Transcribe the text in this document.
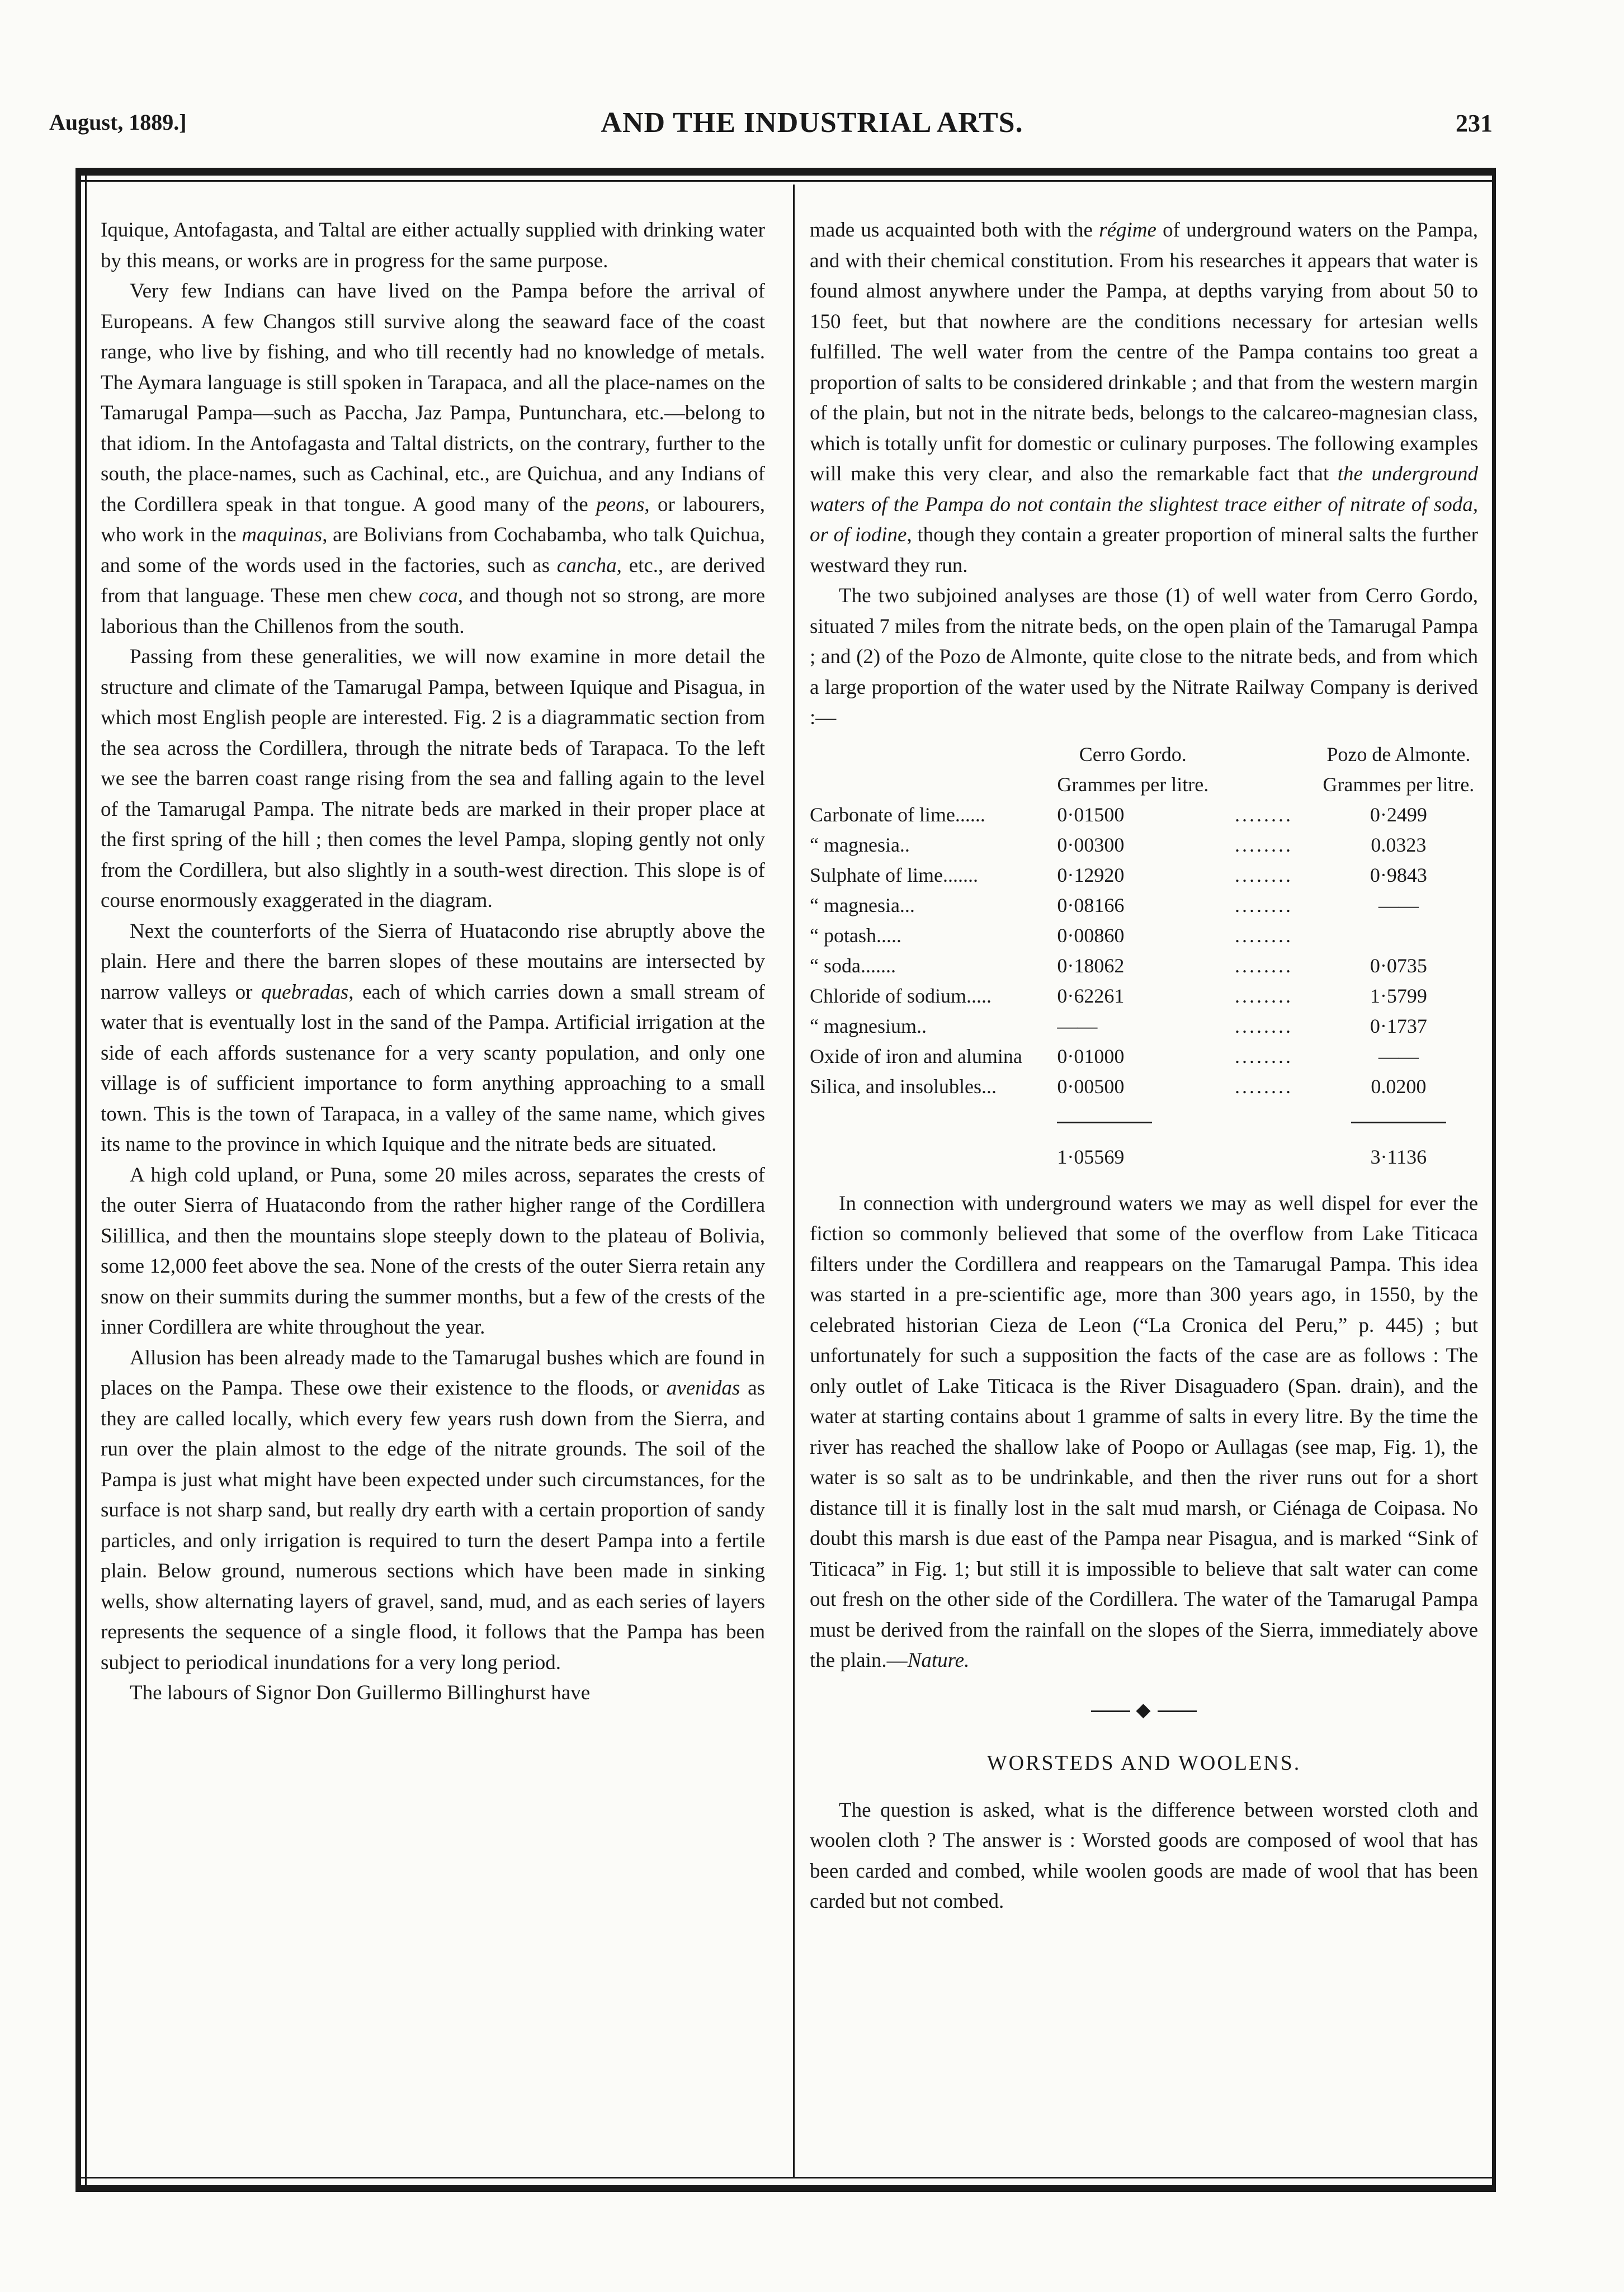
August, 1889.]	AND THE INDUSTRIAL ARTS.	231

Iquique, Antofagasta, and Taltal are either actually supplied with drinking water by this means, or works are in progress for the same purpose.

Very few Indians can have lived on the Pampa before the arrival of Europeans. A few Changos still survive along the seaward face of the coast range, who live by fishing, and who till recently had no knowledge of metals. The Aymara language is still spoken in Tarapaca, and all the place-names on the Tamarugal Pampa—such as Paccha, Jaz Pampa, Puntunchara, etc.—belong to that idiom. In the Antofagasta and Taltal districts, on the contrary, further to the south, the place-names, such as Cachinal, etc., are Quichua, and any Indians of the Cordillera speak in that tongue. A good many of the peons, or labourers, who work in the maquinas, are Bolivians from Cochabamba, who talk Quichua, and some of the words used in the factories, such as cancha, etc., are derived from that language. These men chew coca, and though not so strong, are more laborious than the Chillenos from the south.

Passing from these generalities, we will now examine in more detail the structure and climate of the Tamarugal Pampa, between Iquique and Pisagua, in which most English people are interested. Fig. 2 is a diagrammatic section from the sea across the Cordillera, through the nitrate beds of Tarapaca. To the left we see the barren coast range rising from the sea and falling again to the level of the Tamarugal Pampa. The nitrate beds are marked in their proper place at the first spring of the hill ; then comes the level Pampa, sloping gently not only from the Cordillera, but also slightly in a south-west direction. This slope is of course enormously exaggerated in the diagram.

Next the counterforts of the Sierra of Huatacondo rise abruptly above the plain. Here and there the barren slopes of these moutains are intersected by narrow valleys or quebradas, each of which carries down a small stream of water that is eventually lost in the sand of the Pampa. Artificial irrigation at the side of each affords sustenance for a very scanty population, and only one village is of sufficient importance to form anything approaching to a small town. This is the town of Tarapaca, in a valley of the same name, which gives its name to the province in which Iquique and the nitrate beds are situated.

A high cold upland, or Puna, some 20 miles across, separates the crests of the outer Sierra of Huatacondo from the rather higher range of the Cordillera Silillica, and then the mountains slope steeply down to the plateau of Bolivia, some 12,000 feet above the sea. None of the crests of the outer Sierra retain any snow on their summits during the summer months, but a few of the crests of the inner Cordillera are white throughout the year.

Allusion has been already made to the Tamarugal bushes which are found in places on the Pampa. These owe their existence to the floods, or avenidas as they are called locally, which every few years rush down from the Sierra, and run over the plain almost to the edge of the nitrate grounds. The soil of the Pampa is just what might have been expected under such circumstances, for the surface is not sharp sand, but really dry earth with a certain proportion of sandy particles, and only irrigation is required to turn the desert Pampa into a fertile plain. Below ground, numerous sections which have been made in sinking wells, show alternating layers of gravel, sand, mud, and as each series of layers represents the sequence of a single flood, it follows that the Pampa has been subject to periodical inundations for a very long period.

The labours of Signor Don Guillermo Billinghurst have

made us acquainted both with the régime of underground waters on the Pampa, and with their chemical constitution. From his researches it appears that water is found almost anywhere under the Pampa, at depths varying from about 50 to 150 feet, but that nowhere are the conditions necessary for artesian wells fulfilled. The well water from the centre of the Pampa contains too great a proportion of salts to be considered drinkable ; and that from the western margin of the plain, but not in the nitrate beds, belongs to the calcareo-magnesian class, which is totally unfit for domestic or culinary purposes. The following examples will make this very clear, and also the remarkable fact that the underground waters of the Pampa do not contain the slightest trace either of nitrate of soda, or of iodine, though they contain a greater proportion of mineral salts the further westward they run.

The two subjoined analyses are those (1) of well water from Cerro Gordo, situated 7 miles from the nitrate beds, on the open plain of the Tamarugal Pampa ; and (2) of the Pozo de Almonte, quite close to the nitrate beds, and from which a large proportion of the water used by the Nitrate Railway Company is derived :—

	Cerro Gordo.		Pozo de Almonte.
	Grammes per litre.		Grammes per litre.
Carbonate of lime......	0·01500	........	0·2499
“ magnesia..	0·00300	........	0.0323
Sulphate of lime.......	0·12920	........	0·9843
“ magnesia...	0·08166	........	——
“ potash.....	0·00860	........	
“ soda.......	0·18062	........	0·0735
Chloride of sodium.....	0·62261	........	1·5799
“ magnesium..	——	........	0·1737
Oxide of iron and alumina	0·01000	........	——
Silica, and insolubles...	0·00500	........	0.0200

	1·05569		3·1136

In connection with underground waters we may as well dispel for ever the fiction so commonly believed that some of the overflow from Lake Titicaca filters under the Cordillera and reappears on the Tamarugal Pampa. This idea was started in a pre-scientific age, more than 300 years ago, in 1550, by the celebrated historian Cieza de Leon (“La Cronica del Peru,” p. 445) ; but unfortunately for such a supposition the facts of the case are as follows : The only outlet of Lake Titicaca is the River Disaguadero (Span. drain), and the water at starting contains about 1 gramme of salts in every litre. By the time the river has reached the shallow lake of Poopo or Aullagas (see map, Fig. 1), the water is so salt as to be undrinkable, and then the river runs out for a short distance till it is finally lost in the salt mud marsh, or Ciénaga de Coipasa. No doubt this marsh is due east of the Pampa near Pisagua, and is marked “Sink of Titicaca” in Fig. 1; but still it is impossible to believe that salt water can come out fresh on the other side of the Cordillera. The water of the Tamarugal Pampa must be derived from the rainfall on the slopes of the Sierra, immediately above the plain.—Nature.

◆
WORSTEDS AND WOOLENS.

The question is asked, what is the difference between worsted cloth and woolen cloth ? The answer is : Worsted goods are composed of wool that has been carded and combed, while woolen goods are made of wool that has been carded but not combed.
